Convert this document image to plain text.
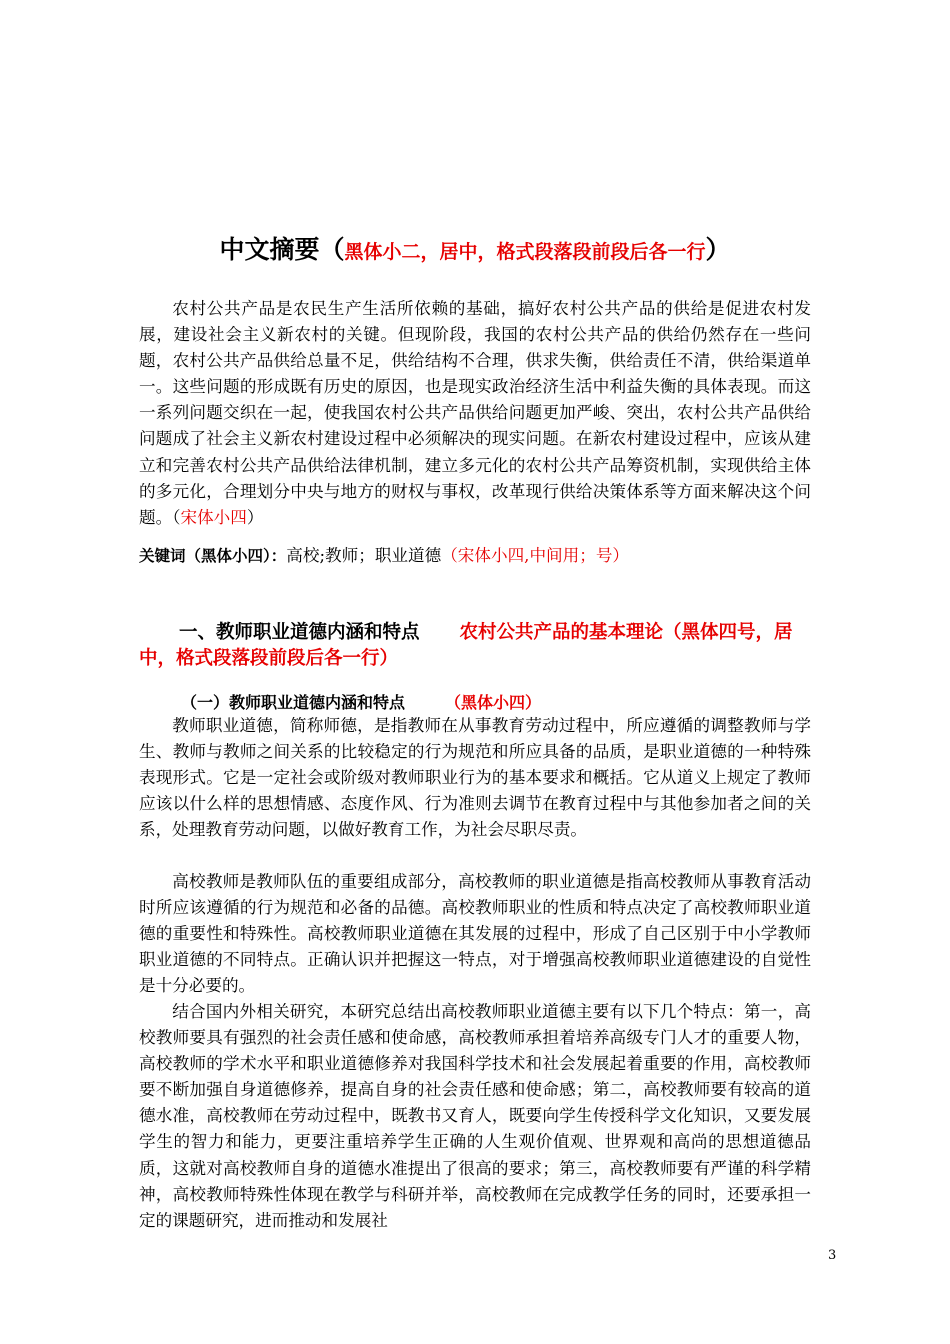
中文摘要（黑体小二，居中，格式段落段前段后各一行）

农村公共产品是农民生产生活所依赖的基础，搞好农村公共产品的供给是促进农村发展，建设社会主义新农村的关键。但现阶段，我国的农村公共产品的供给仍然存在一些问题，农村公共产品供给总量不足，供给结构不合理，供求失衡，供给责任不清，供给渠道单一。这些问题的形成既有历史的原因，也是现实政治经济生活中利益失衡的具体表现。而这一系列问题交织在一起，使我国农村公共产品供给问题更加严峻、突出，农村公共产品供给问题成了社会主义新农村建设过程中必须解决的现实问题。在新农村建设过程中，应该从建立和完善农村公共产品供给法律机制，建立多元化的农村公共产品筹资机制，实现供给主体的多元化，合理划分中央与地方的财权与事权，改革现行供给决策体系等方面来解决这个问题。（宋体小四）

关键词（黑体小四）：高校;教师；职业道德（宋体小四,中间用；号）
一、教师职业道德内涵和特点 农村公共产品的基本理论（黑体四号，居中，格式段落段前段后各一行）
（一）教师职业道德内涵和特点	（黑体小四）

教师职业道德，简称师德，是指教师在从事教育劳动过程中，所应遵循的调整教师与学生、教师与教师之间关系的比较稳定的行为规范和所应具备的品质，是职业道德的一种特殊表现形式。它是一定社会或阶级对教师职业行为的基本要求和概括。它从道义上规定了教师应该以什么样的思想情感、态度作风、行为准则去调节在教育过程中与其他参加者之间的关系，处理教育劳动问题，以做好教育工作，为社会尽职尽责。

高校教师是教师队伍的重要组成部分，高校教师的职业道德是指高校教师从事教育活动时所应该遵循的行为规范和必备的品德。高校教师职业的性质和特点决定了高校教师职业道德的重要性和特殊性。高校教师职业道德在其发展的过程中，形成了自己区别于中小学教师职业道德的不同特点。正确认识并把握这一特点，对于增强高校教师职业道德建设的自觉性是十分必要的。

结合国内外相关研究，本研究总结出高校教师职业道德主要有以下几个特点：第一，高校教师要具有强烈的社会责任感和使命感，高校教师承担着培养高级专门人才的重要人物，高校教师的学术水平和职业道德修养对我国科学技术和社会发展起着重要的作用，高校教师要不断加强自身道德修养，提高自身的社会责任感和使命感；第二，高校教师要有较高的道德水准，高校教师在劳动过程中，既教书又育人，既要向学生传授科学文化知识，又要发展学生的智力和能力，更要注重培养学生正确的人生观价值观、世界观和高尚的思想道德品质，这就对高校教师自身的道德水准提出了很高的要求；第三，高校教师要有严谨的科学精神，高校教师特殊性体现在教学与科研并举，高校教师在完成教学任务的同时，还要承担一定的课题研究，进而推动和发展社

3
